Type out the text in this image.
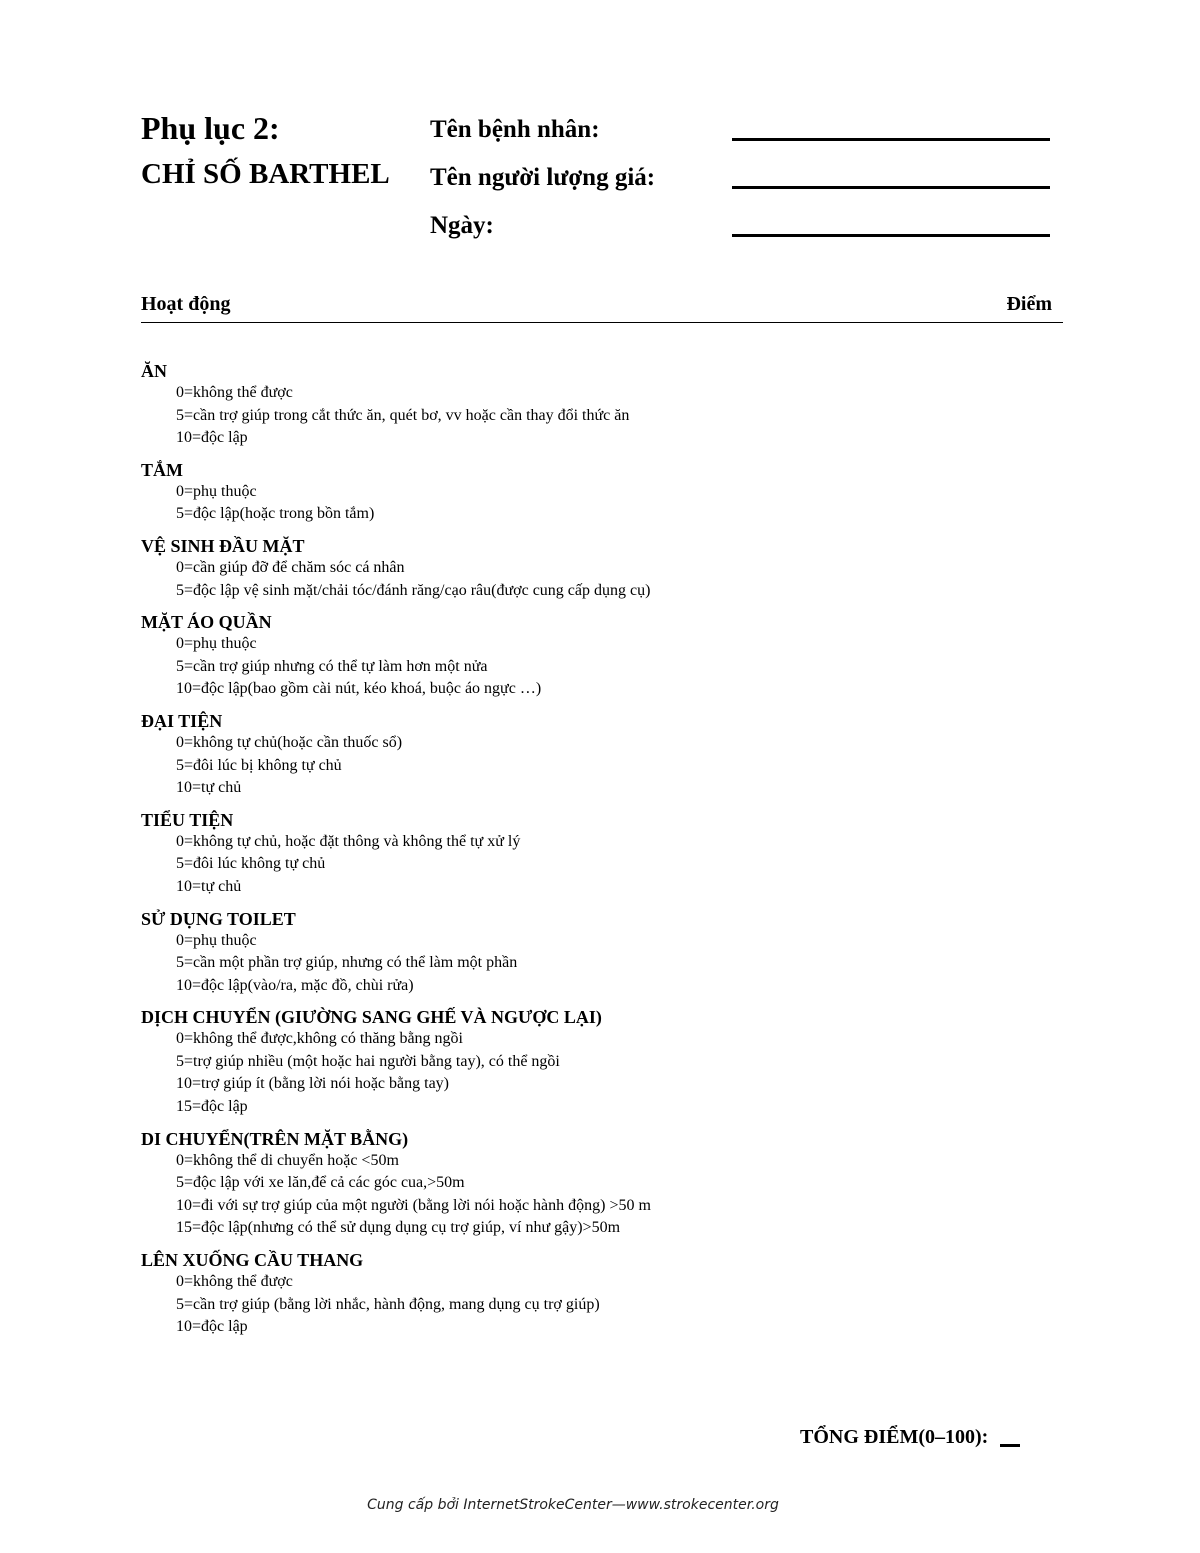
Phụ lục 2:
CHỈ SỐ BARTHEL
Tên bệnh nhân:
Tên người lượng giá:
Ngày:
Hoạt động	Điểm
ĂN
0=không thể được
5=cần trợ giúp trong cắt thức ăn, quét bơ, vv hoặc cần thay đổi thức ăn
10=độc lập
TẮM
0=phụ thuộc
5=độc lập(hoặc trong bồn tắm)
VỆ SINH ĐẦU MẶT
0=cần giúp đỡ để chăm sóc cá nhân
5=độc lập vệ sinh mặt/chải tóc/đánh răng/cạo râu(được cung cấp dụng cụ)
MẶT ÁO QUẦN
0=phụ thuộc
5=cần trợ giúp nhưng có thể tự làm hơn một nửa
10=độc lập(bao gồm cài nút, kéo khoá, buộc áo ngực …)
ĐẠI TIỆN
0=không tự chủ(hoặc cần thuốc sổ)
5=đôi lúc bị không tự chủ
10=tự chủ
TIỂU TIỆN
0=không tự chủ, hoặc đặt thông và không thể tự xử lý
5=đôi lúc không tự chủ
10=tự chủ
SỬ DỤNG TOILET
0=phụ thuộc
5=cần một phần trợ giúp, nhưng có thể làm một phần
10=độc lập(vào/ra, mặc đồ, chùi rửa)
DỊCH CHUYỂN (GIƯỜNG SANG GHẾ VÀ NGƯỢC LẠI)
0=không thể được,không có thăng bằng ngồi
5=trợ giúp nhiều (một hoặc hai người bằng tay), có thể ngồi
10=trợ giúp ít (bằng lời nói hoặc bằng tay)
15=độc lập
DI CHUYỂN(TRÊN MẶT BẰNG)
0=không thể di chuyển hoặc <50m
5=độc lập với xe lăn,để cả các góc cua,>50m
10=đi với sự trợ giúp của một người (bằng lời nói hoặc hành động) >50 m
15=độc lập(nhưng có thể sử dụng dụng cụ trợ giúp, ví như gậy)>50m
LÊN XUỐNG CẦU THANG
0=không thể được
5=cần trợ giúp (bằng lời nhắc, hành động, mang dụng cụ trợ giúp)
10=độc lập
TỔNG ĐIỂM(0–100):
Cung cấp bởi InternetStrokeCenter—www.strokecenter.org
